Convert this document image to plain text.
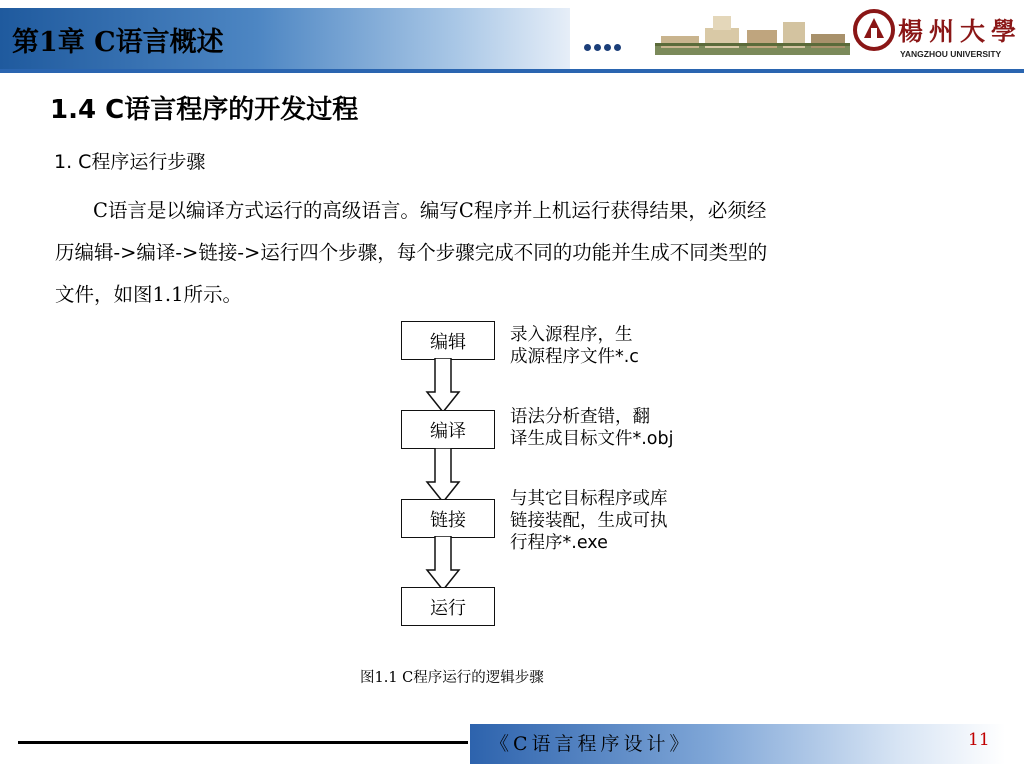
第1章 C语言概述	楊州大學
YANGZHOU UNIVERSITY
1.4 C语言程序的开发过程
1. C程序运行步骤
C语言是以编译方式运行的高级语言。编写C程序并上机运行获得结果，必须经
历编辑->编译->链接->运行四个步骤，每个步骤完成不同的功能并生成不同类型的
文件，如图1.1所示。
编辑	录入源程序，生
成源程序文件*.c
编译
语法分析查错，翻
译生成目标文件*.obj
链接
与其它目标程序或库
链接装配，生成可执
行程序*.exe
运行
图1.1 C程序运行的逻辑步骤
《C语言程序设计》	11
